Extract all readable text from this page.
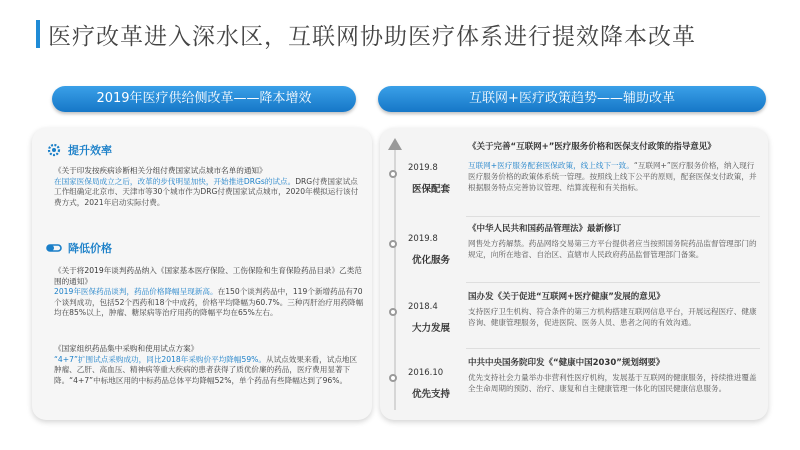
医疗改革进入深水区，互联网协助医疗体系进行提效降本改革
2019年医疗供给侧改革——降本增效	互联网+医疗政策趋势——辅助改革
提升效率
《关于印发按疾病诊断相关分组付费国家试点城市名单的通知》
在国家医保局成立之后，改革的步伐明显加快，开始推进DRGs的试点。DRG付费国家试点工作组确定北京市、天津市等30个城市作为DRG付费国家试点城市，2020年模拟运行该付费方式，2021年启动实际付费。
降低价格
《关于将2019年谈判药品纳入《国家基本医疗保险、工伤保险和生育保险药品目录》乙类范围的通知》
2019年医保药品谈判，药品价格降幅呈现新高。在150个谈判药品中，119个新增药品有70个谈判成功，包括52个西药和18个中成药，价格平均降幅为60.7%。三种丙肝治疗用药降幅均在85%以上，肿瘤、糖尿病等治疗用药的降幅平均在65%左右。
《国家组织药品集中采购和使用试点方案》
“4+7”扩围试点采购成功，同比2018年采购价平均降幅59%。从试点效果来看，试点地区肿瘤、乙肝、高血压、精神病等重大疾病的患者获得了质优价廉的药品，医疗费用显著下降。“4+7”中标地区用的中标药品总体平均降幅52%，单个药品有些降幅达到了96%。
2019.8
医保配套
《关于完善“互联网+”医疗服务价格和医保支付政策的指导意见》
互联网+医疗服务配套医保政策，线上线下一致。“互联网+”医疗服务价格，纳入现行医疗服务价格的政策体系统一管理。按照线上线下公平的原则，配套医保支付政策，并根据服务特点完善协议管理、结算流程和有关指标。
2019.8
优化服务
《中华人民共和国药品管理法》最新修订
网售处方药解禁。药品网络交易第三方平台提供者应当按照国务院药品监督管理部门的规定，向所在地省、自治区、直辖市人民政府药品监督管理部门备案。
2018.4
大力发展
国办发《关于促进“互联网+医疗健康”发展的意见》
支持医疗卫生机构、符合条件的第三方机构搭建互联网信息平台，开展远程医疗、健康咨询、健康管理服务，促进医院、医务人员、患者之间的有效沟通。
2016.10
优先支持
中共中央国务院印发《“健康中国2030”规划纲要》
优先支持社会力量举办非营利性医疗机构，发展基于互联网的健康服务，持续推进覆盖全生命周期的预防、治疗、康复和自主健康管理一体化的国民健康信息服务。
